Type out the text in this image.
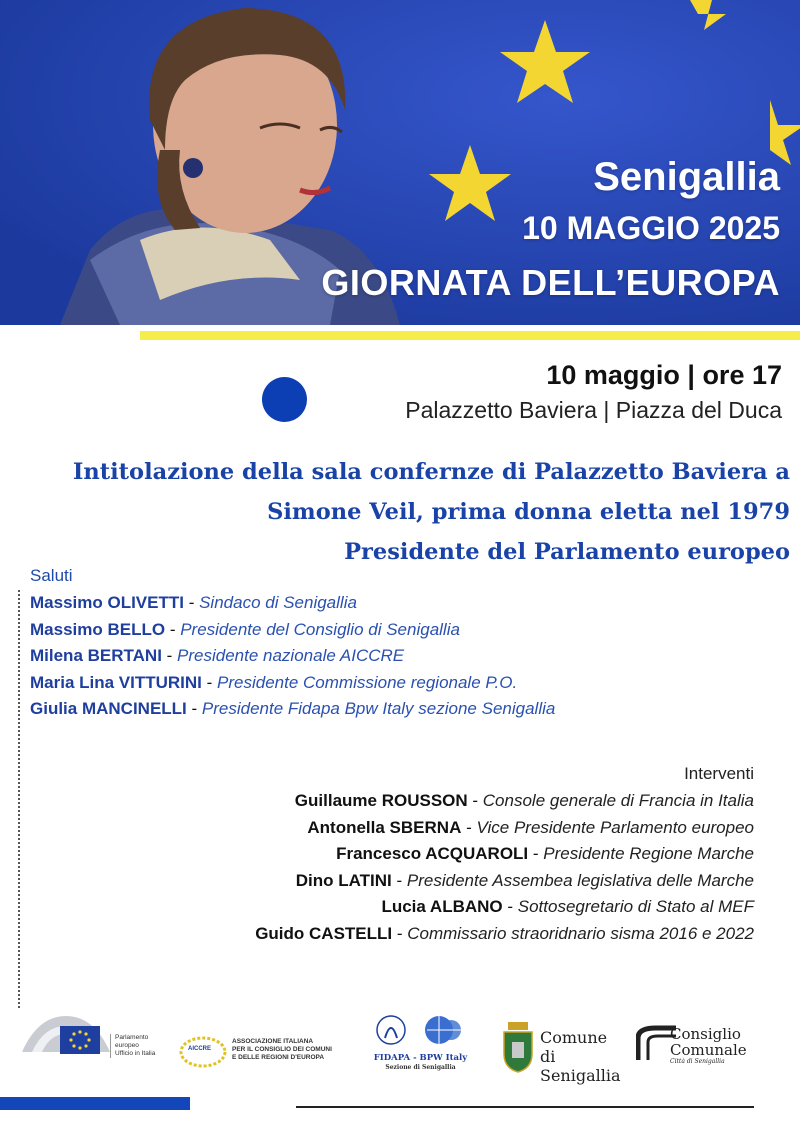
Senigallia
10 MAGGIO 2025
GIORNATA DELL’EUROPA
10 maggio | ore 17
Palazzetto Baviera | Piazza del Duca
Intitolazione della sala confernze di Palazzetto Baviera a
Simone Veil, prima donna eletta nel 1979
Presidente del Parlamento europeo
Saluti
Massimo OLIVETTI - Sindaco di Senigallia
Massimo BELLO - Presidente del Consiglio di Senigallia
Milena BERTANI - Presidente nazionale AICCRE
Maria Lina VITTURINI - Presidente Commissione regionale P.O.
Giulia MANCINELLI - Presidente Fidapa Bpw Italy sezione Senigallia
Interventi
Guillaume ROUSSON - Console generale di Francia in Italia
Antonella SBERNA - Vice Presidente Parlamento europeo
Francesco ACQUAROLI - Presidente Regione Marche
Dino LATINI - Presidente Assembea legislativa delle Marche
Lucia ALBANO - Sottosegretario di Stato al MEF
Guido CASTELLI - Commissario straoridnario sisma 2016 e 2022
Parlamento europeo
Ufficio in Italia
AICCRE
ASSOCIAZIONE ITALIANA
PER IL CONSIGLIO DEI COMUNI
E DELLE REGIONI D'EUROPA	FIDAPA - BPW Italy
Sezione di Senigallia
Comune
di Senigallia
Consiglio
Comunale
Città di Senigallia
